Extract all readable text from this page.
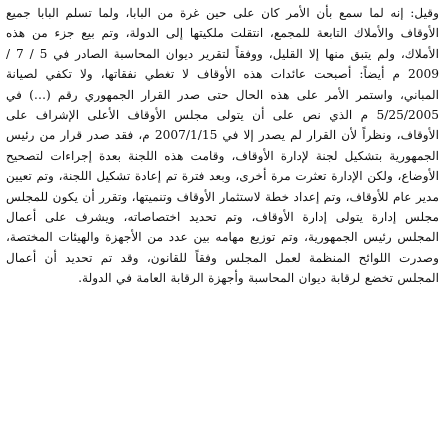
وقيل: إنه لما سمع بأن الأمر كان على حين غرة من البابا، ولما تسلم البابا جميع الأوقاف والأملاك التابعة للمجمع، انتقلت ملكيتها إلى الدولة، وتم بيع جزء من هذه الأملاك، ولم يتبق منها إلا القليل، ووفقاً لتقرير ديوان المحاسبة الصادر في 5 / 7 / 2009 م أيضاً: أصبحت عائدات هذه الأوقاف لا تغطي نفقاتها، ولا تكفي لصيانة المباني، واستمر الأمر على هذه الحال حتى صدر القرار الجمهوري رقم (…) في 5/25/2005 م الذي نص على أن يتولى مجلس الأوقاف الأعلى الإشراف على الأوقاف، ونظراً لأن القرار لم يصدر إلا في 2007/1/15 م، فقد صدر قرار من رئيس الجمهورية بتشكيل لجنة لإدارة الأوقاف، وقامت هذه اللجنة بعدة إجراءات لتصحيح الأوضاع، ولكن الإدارة تعثرت مرة أخرى، وبعد فترة تم إعادة تشكيل اللجنة، وتم تعيين مدير عام للأوقاف، وتم إعداد خطة لاستثمار الأوقاف وتنميتها، وتقرر أن يكون للمجلس مجلس إدارة يتولى إدارة الأوقاف، وتم تحديد اختصاصاته، ويشرف على أعمال المجلس رئيس الجمهورية، وتم توزيع مهامه بين عدد من الأجهزة والهيئات المختصة، وصدرت اللوائح المنظمة لعمل المجلس وفقاً للقانون، وقد تم تحديد أن أعمال المجلس تخضع لرقابة ديوان المحاسبة وأجهزة الرقابة العامة في الدولة.
